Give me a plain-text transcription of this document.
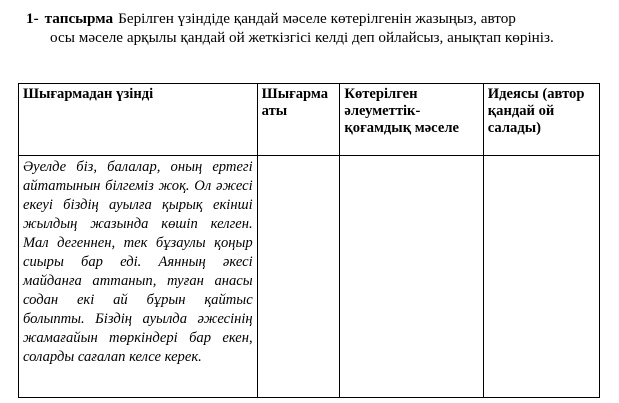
1- тапсырма Берілген үзіндіде қандай мәселе көтерілгенін жазыңыз, автор
осы мәселе арқылы қандай ой жеткізгісі келді деп ойлайсыз, анықтап көрініз.
Шығармадан үзінді	Шығарма аты	Көтерілген әлеуметтік-қоғамдық мәселе	Идеясы (автор қандай ой салады)
Әуелде біз, балалар, оның ертегі айтатынын білгеміз жоқ. Ол әжесі екеуі біздің ауылға қырық екінші жылдың жазында көшіп келген. Мал дегеннен, тек бұзаулы қоңыр сиыры бар еді. Аянның әкесі майданға аттанып, туған анасы содан екі ай бұрын қайтыс болыпты. Біздің ауылда әжесінің жамағайын төркіндері бар екен, соларды сағалап келсе керек.			
